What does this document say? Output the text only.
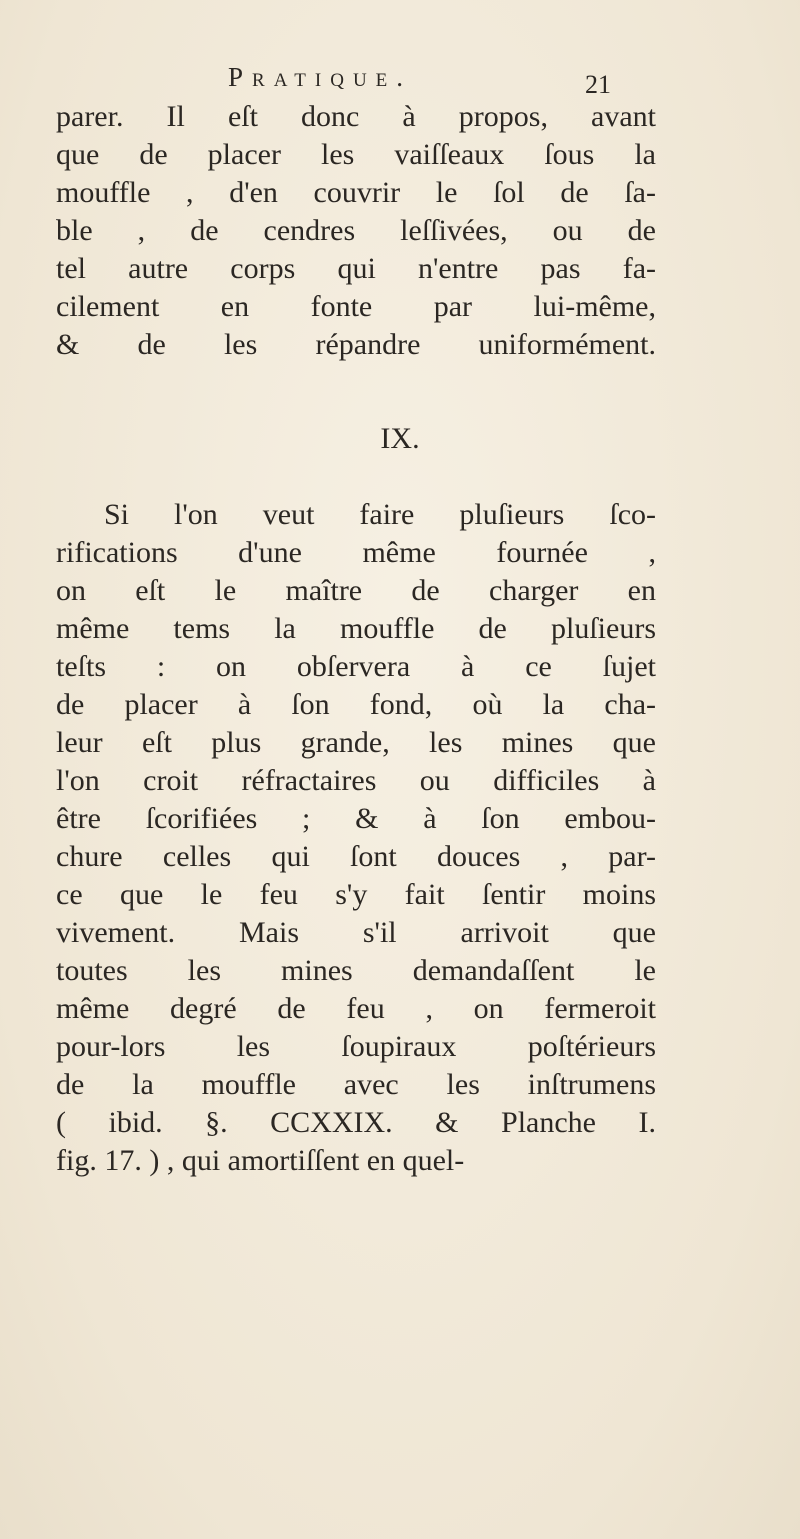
Pratique.	21
parer. Il eſt donc à propos, avant
que de placer les vaiſſeaux ſous la
mouffle , d'en couvrir le ſol de ſa-
ble , de cendres leſſivées, ou de
tel autre corps qui n'entre pas fa-
cilement en fonte par lui-même,
& de les répandre uniformément.
IX.
Si l'on veut faire pluſieurs ſco-
rifications d'une même fournée ,
on eſt le maître de charger en
même tems la mouffle de pluſieurs
teſts : on obſervera à ce ſujet
de placer à ſon fond, où la cha-
leur eſt plus grande, les mines que
l'on croit réfractaires ou difficiles à
être ſcorifiées ; & à ſon embou-
chure celles qui ſont douces , par-
ce que le feu s'y fait ſentir moins
vivement. Mais s'il arrivoit que
toutes les mines demandaſſent le
même degré de feu , on fermeroit
pour-lors les ſoupiraux poſtérieurs
de la mouffle avec les inſtrumens
( ibid. §. CCXXIX. & Planche I.
fig. 17. ) , qui amortiſſent en quel-
